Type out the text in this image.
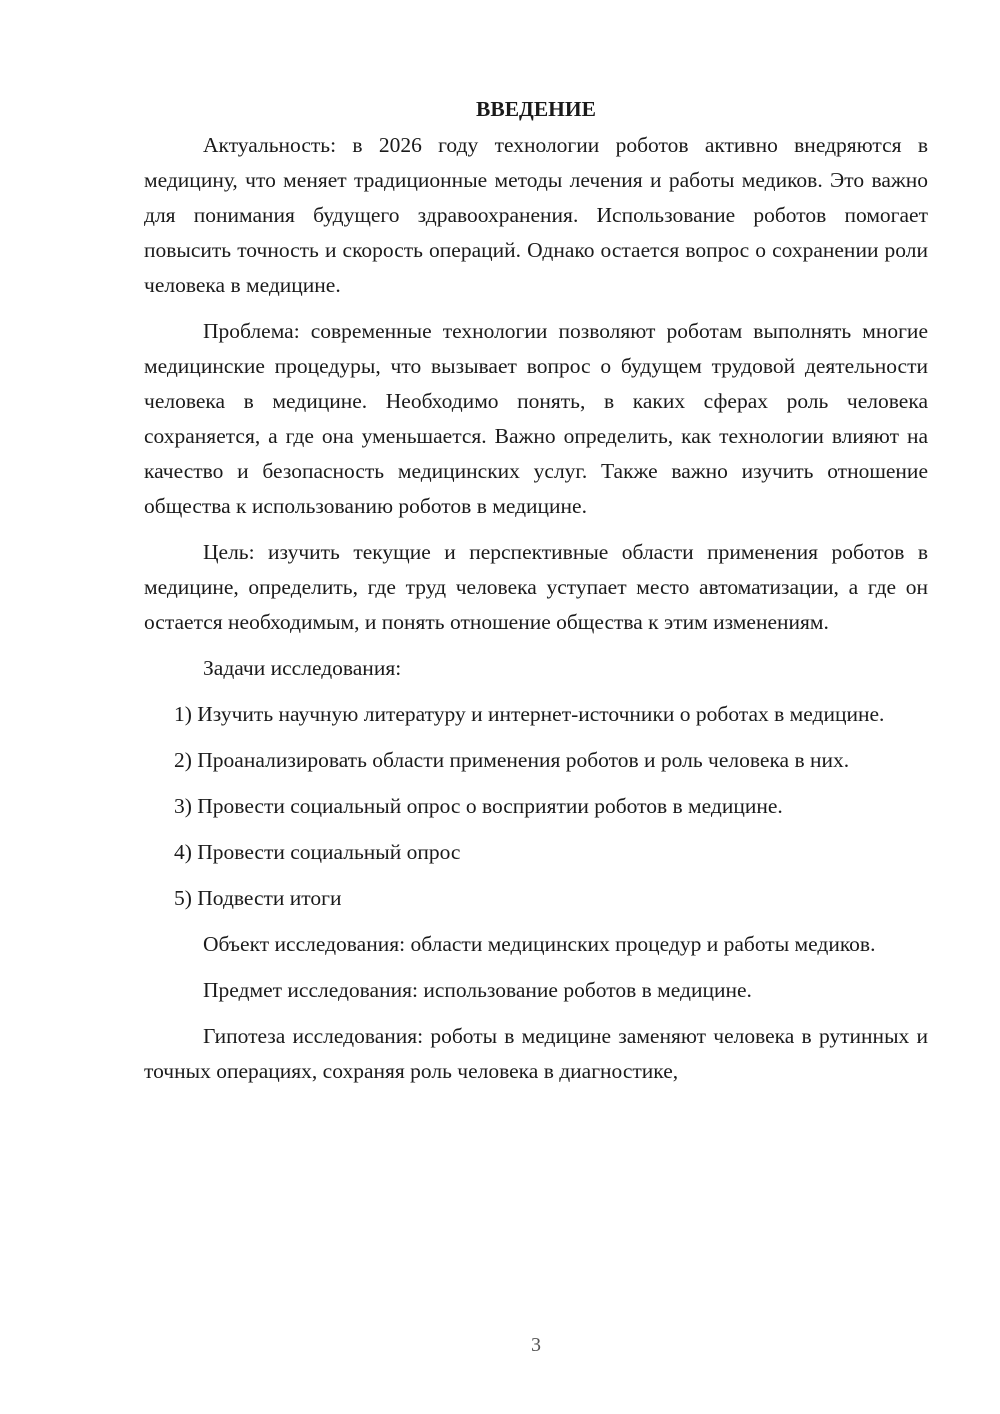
ВВЕДЕНИЕ

Актуальность: в 2026 году технологии роботов активно внедряются в медицину, что меняет традиционные методы лечения и работы медиков. Это важно для понимания будущего здравоохранения. Использование роботов помогает повысить точность и скорость операций. Однако остается вопрос о сохранении роли человека в медицине.

Проблема: современные технологии позволяют роботам выполнять многие медицинские процедуры, что вызывает вопрос о будущем трудовой деятельности человека в медицине. Необходимо понять, в каких сферах роль человека сохраняется, а где она уменьшается. Важно определить, как технологии влияют на качество и безопасность медицинских услуг. Также важно изучить отношение общества к использованию роботов в медицине.

Цель: изучить текущие и перспективные области применения роботов в медицине, определить, где труд человека уступает место автоматизации, а где он остается необходимым, и понять отношение общества к этим изменениям.

Задачи исследования:

1) Изучить научную литературу и интернет-источники о роботах в медицине.

2) Проанализировать области применения роботов и роль человека в них.

3) Провести социальный опрос о восприятии роботов в медицине.

4) Провести социальный опрос

5) Подвести итоги

Объект исследования: области медицинских процедур и работы медиков.

Предмет исследования: использование роботов в медицине.

Гипотеза исследования: роботы в медицине заменяют человека в рутинных и точных операциях, сохраняя роль человека в диагностике,

3
